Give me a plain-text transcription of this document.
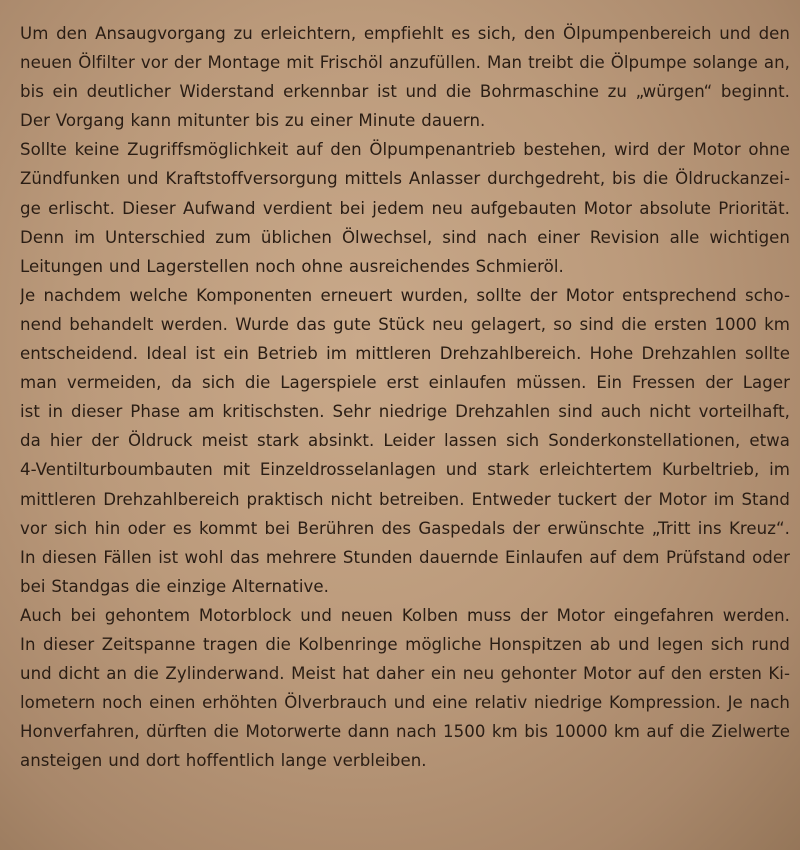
Um den Ansaugvorgang zu erleichtern, empfiehlt es sich, den Ölpumpenbereich und den
neuen Ölfilter vor der Montage mit Frischöl anzufüllen. Man treibt die Ölpumpe solange an,
bis ein deutlicher Widerstand erkennbar ist und die Bohrmaschine zu „würgen“ beginnt.
Der Vorgang kann mitunter bis zu einer Minute dauern.
Sollte keine Zugriffsmöglichkeit auf den Ölpumpenantrieb bestehen, wird der Motor ohne
Zündfunken und Kraftstoffversorgung mittels Anlasser durchgedreht, bis die Öldruckanzei-
ge erlischt. Dieser Aufwand verdient bei jedem neu aufgebauten Motor absolute Priorität.
Denn im Unterschied zum üblichen Ölwechsel, sind nach einer Revision alle wichtigen
Leitungen und Lagerstellen noch ohne ausreichendes Schmieröl.
Je nachdem welche Komponenten erneuert wurden, sollte der Motor entsprechend scho-
nend behandelt werden. Wurde das gute Stück neu gelagert, so sind die ersten 1000 km
entscheidend. Ideal ist ein Betrieb im mittleren Drehzahlbereich. Hohe Drehzahlen sollte
man vermeiden, da sich die Lagerspiele erst einlaufen müssen. Ein Fressen der Lager
ist in dieser Phase am kritischsten. Sehr niedrige Drehzahlen sind auch nicht vorteilhaft,
da hier der Öldruck meist stark absinkt. Leider lassen sich Sonderkonstellationen, etwa
4-Ventilturboumbauten mit Einzeldrosselanlagen und stark erleichtertem Kurbeltrieb, im
mittleren Drehzahlbereich praktisch nicht betreiben. Entweder tuckert der Motor im Stand
vor sich hin oder es kommt bei Berühren des Gaspedals der erwünschte „Tritt ins Kreuz“.
In diesen Fällen ist wohl das mehrere Stunden dauernde Einlaufen auf dem Prüfstand oder
bei Standgas die einzige Alternative.
Auch bei gehontem Motorblock und neuen Kolben muss der Motor eingefahren werden.
In dieser Zeitspanne tragen die Kolbenringe mögliche Honspitzen ab und legen sich rund
und dicht an die Zylinderwand. Meist hat daher ein neu gehonter Motor auf den ersten Ki-
lometern noch einen erhöhten Ölverbrauch und eine relativ niedrige Kompression. Je nach
Honverfahren, dürften die Motorwerte dann nach 1500 km bis 10000 km auf die Zielwerte
ansteigen und dort hoffentlich lange verbleiben.
